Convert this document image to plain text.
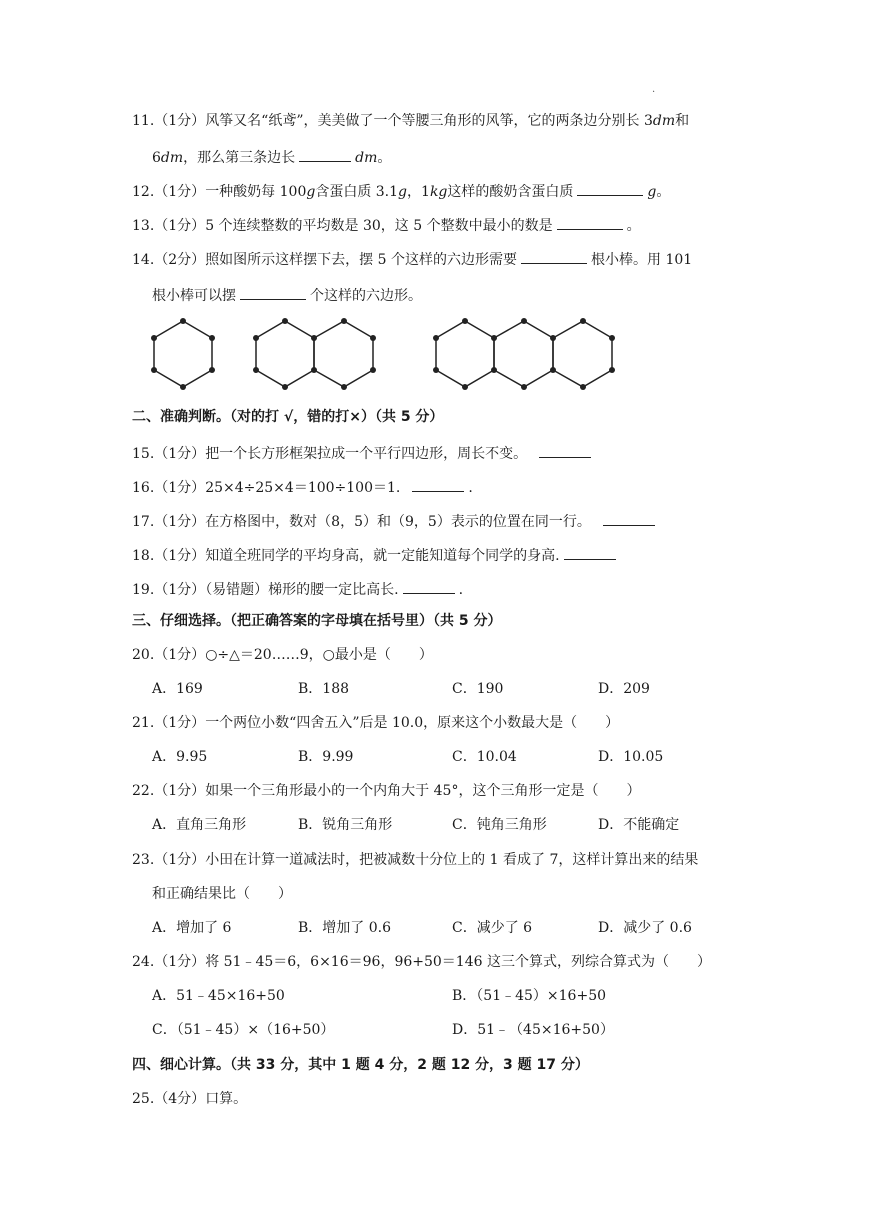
.
11.（1分）风筝又名“纸鸢”，美美做了一个等腰三角形的风筝，它的两条边分别长 3dm和
6dm，那么第三条边长	dm。
12.（1分）一种酸奶每 100g含蛋白质 3.1g，1kg这样的酸奶含蛋白质	g。
13.（1分）5 个连续整数的平均数是 30，这 5 个整数中最小的数是	。
14.（2分）照如图所示这样摆下去，摆 5 个这样的六边形需要	根小棒。用 101
根小棒可以摆	个这样的六边形。
二、准确判断。（对的打 √，错的打×）（共 5 分）
15.（1分）把一个长方形框架拉成一个平行四边形，周长不变。
16.（1分）25×4÷25×4＝100÷100＝1.	.
17.（1分）在方格图中，数对（8，5）和（9，5）表示的位置在同一行。
18.（1分）知道全班同学的平均身高，就一定能知道每个同学的身高.
19.（1分）（易错题）梯形的腰一定比高长.	.
三、仔细选择。（把正确答案的字母填在括号里）（共 5 分）
20.（1分）○÷△＝20……9，○最小是（　　）
A．169	B．188	C．190	D．209
21.（1分）一个两位小数“四舍五入”后是 10.0，原来这个小数最大是（　　）
A．9.95	B．9.99	C．10.04	D．10.05
22.（1分）如果一个三角形最小的一个内角大于 45°，这个三角形一定是（　　）
A．直角三角形	B．锐角三角形	C．钝角三角形	D．不能确定
23.（1分）小田在计算一道减法时，把被减数十分位上的 1 看成了 7，这样计算出来的结果
和正确结果比（　　）
A．增加了 6	B．增加了 0.6	C．减少了 6	D．减少了 0.6
24.（1分）将 51﹣45＝6，6×16＝96，96+50＝146 这三个算式，列综合算式为（　　）
A．51﹣45×16+50	B．（51﹣45）×16+50
C．（51﹣45）×（16+50）	D．51﹣（45×16+50）
四、细心计算。（共 33 分，其中 1 题 4 分，2 题 12 分，3 题 17 分）
25.（4分）口算。
